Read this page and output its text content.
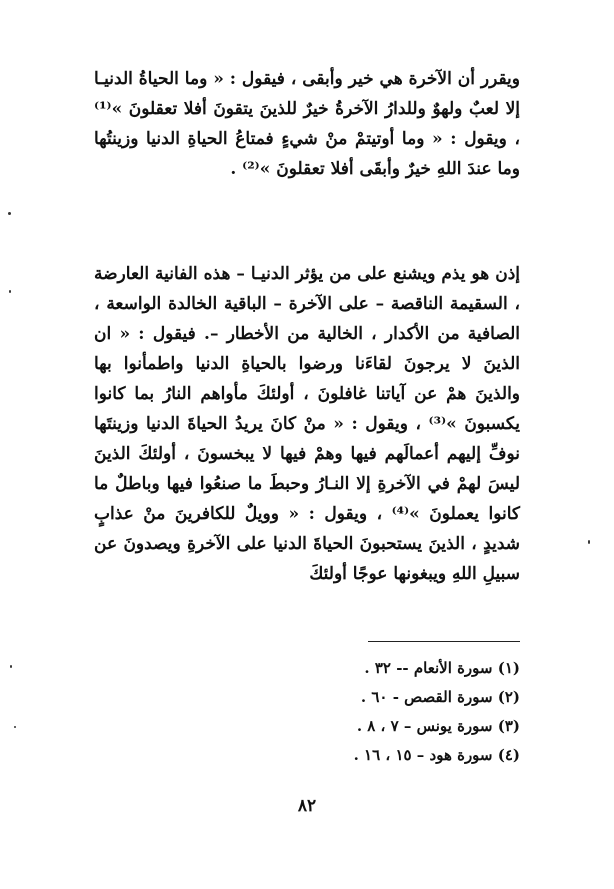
ويقرر أن الآخرة هي خير وأبقى ، فيقول : « وما الحياةُ الدنيـا إلا لعبٌ ولهوٌ وللدارُ الآخرةُ خيرٌ للذينَ يتقونَ أفلا تعقلونَ »⁽¹⁾ ، ويقول : « وما أوتيتمْ منْ شيءٍ فمتاعُ الحياةِ الدنيا وزينتُها وما عندَ اللهِ خيرٌ وأبقَى أفلا تعقلونَ »⁽²⁾ .

إذن هو يذم ويشنع على من يؤثر الدنيـا – هذه الفانية العارضة ، السقيمة الناقصة – على الآخرة – الباقية الخالدة الواسعة ، الصافية من الأكدار ، الخالية من الأخطار –. فيقول : « ان الذينَ لا يرجونَ لقاءَنا ورضوا بالحياةِ الدنيا واطمأنوا بها والذينَ همْ عن آياتنا غافلونَ ، أولئكَ مأواهم النارُ بما كانوا يكسبونَ »⁽³⁾ ، ويقول : « منْ كانَ يريدُ الحياةَ الدنيا وزينتَها نوفِّ إليهم أعمالَهم فيها وهمْ فيها لا يبخسونَ ، أولئكَ الذينَ ليسَ لهمْ في الآخرةِ إلا النـارُ وحبطَ ما صنعُوا فيها وباطلٌ ما كانوا يعملونَ »⁽⁴⁾ ، ويقول : « وويلٌ للكافرينَ منْ عذابٍ شديدٍ ، الذينَ يستحبونَ الحياةَ الدنيا على الآخرةِ ويصدونَ عن سبيلِ اللهِ ويبغونها عوجًا أولئكَ

(١) سورة الأنعام -- ٣٢ .
(٢) سورة القصص - ٦٠ .
(٣) سورة يونس – ٧ ، ٨ .
(٤) سورة هود – ١٥ ، ١٦ .
٨٢
